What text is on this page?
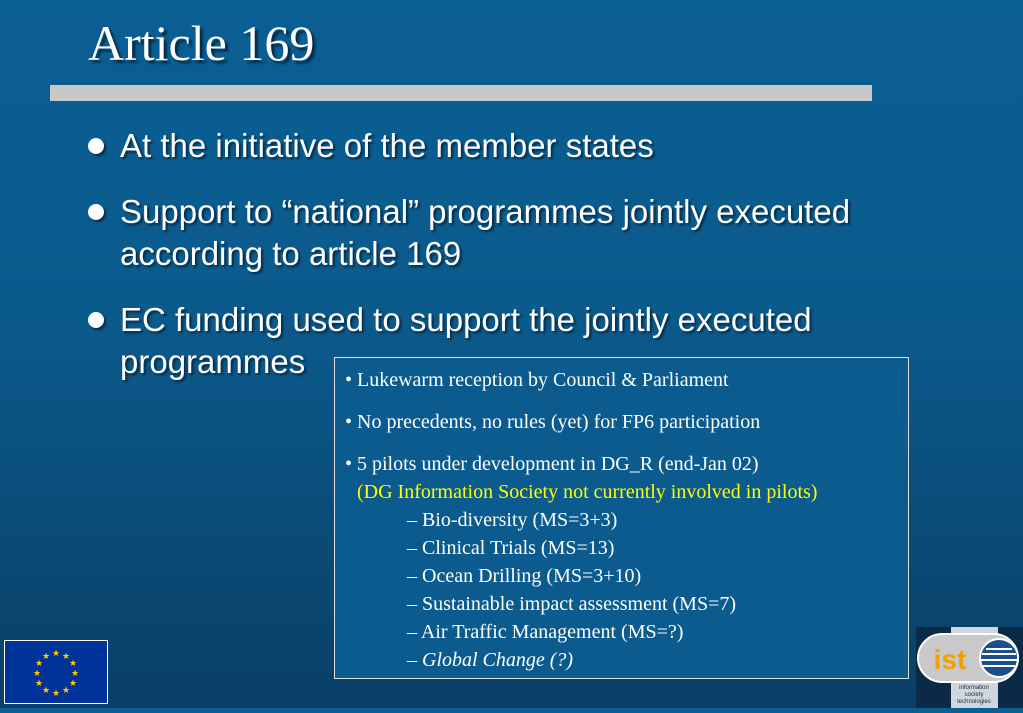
Article 169
At the initiative of the member states
Support to “national” programmes jointly executed according to article 169
EC funding used to support the jointly executed programmes	• Lukewarm reception by Council & Parliament
• No precedents, no rules (yet) for FP6 participation
• 5 pilots under development in DG_R (end-Jan 02)
(DG Information Society not currently involved in pilots)
– Bio-diversity (MS=3+3)
– Clinical Trials (MS=13)
– Ocean Drilling (MS=3+10)
– Sustainable impact assessment (MS=7)
– Air Traffic Management (MS=?)
– Global Change (?)
★ ★
★
★
★
★
★
★
★
★
★
★	ist
information
society
technologies
